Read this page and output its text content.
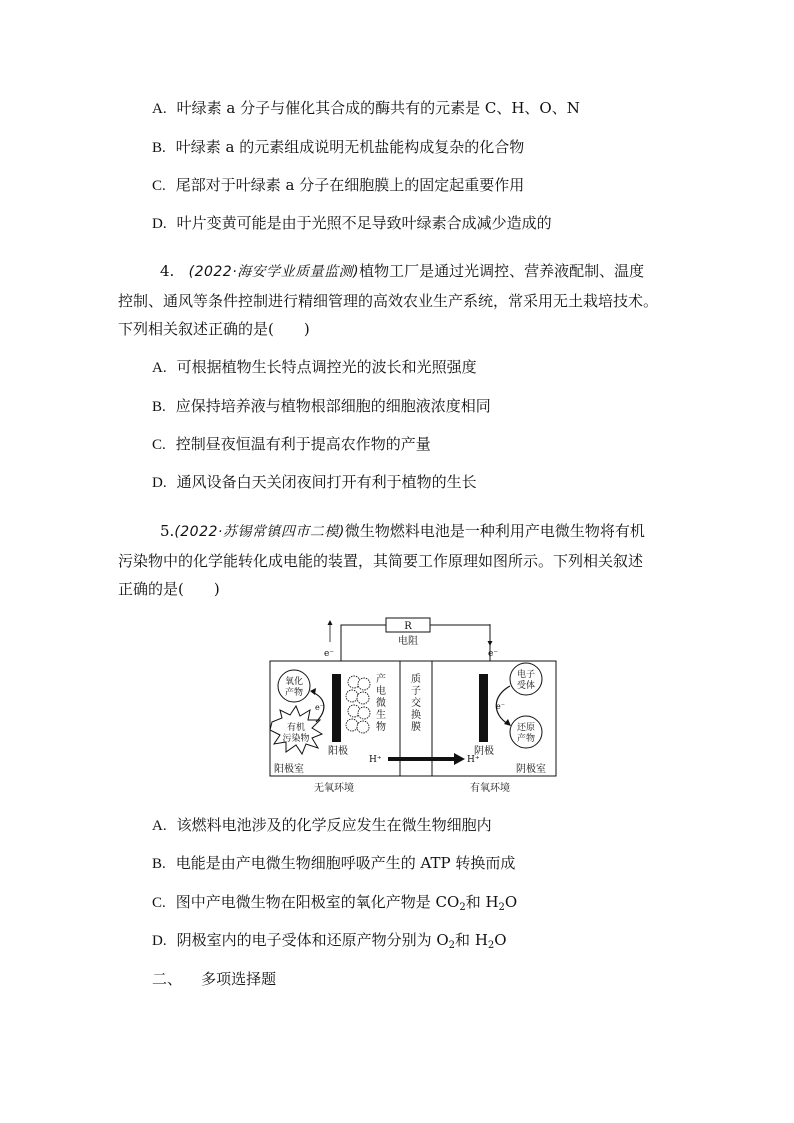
A. 叶绿素 a 分子与催化其合成的酶共有的元素是 C、H、O、N
B. 叶绿素 a 的元素组成说明无机盐能构成复杂的化合物
C. 尾部对于叶绿素 a 分子在细胞膜上的固定起重要作用
D. 叶片变黄可能是由于光照不足导致叶绿素合成减少造成的
4. (2022·海安学业质量监测)植物工厂是通过光调控、营养液配制、温度
控制、通风等条件控制进行精细管理的高效农业生产系统，常采用无土栽培技术。
下列相关叙述正确的是(　　)
A. 可根据植物生长特点调控光的波长和光照强度
B. 应保持培养液与植物根部细胞的细胞液浓度相同
C. 控制昼夜恒温有利于提高农作物的产量
D. 通风设备白天关闭夜间打开有利于植物的生长
5.(2022·苏锡常镇四市二模)微生物燃料电池是一种利用产电微生物将有机
污染物中的化学能转化成电能的装置，其简要工作原理如图所示。下列相关叙述
正确的是(　　)
R
电阻
e⁻	e⁻
质
子
交
换
膜
阳极
产
电
微
生
物
氧化
产物
有机
污染物
e⁻
阴极
电子
受体
还原
产物
e⁻
H⁺	H⁺
阳极室	阴极室
无氧环境	有氧环境
A. 该燃料电池涉及的化学反应发生在微生物细胞内
B. 电能是由产电微生物细胞呼吸产生的 ATP 转换而成
C. 图中产电微生物在阳极室的氧化产物是 $CO_2$和 $H_2O$
D. 阴极室内的电子受体和还原产物分别为 $O_2$和 $H_2O$
二、 多项选择题
